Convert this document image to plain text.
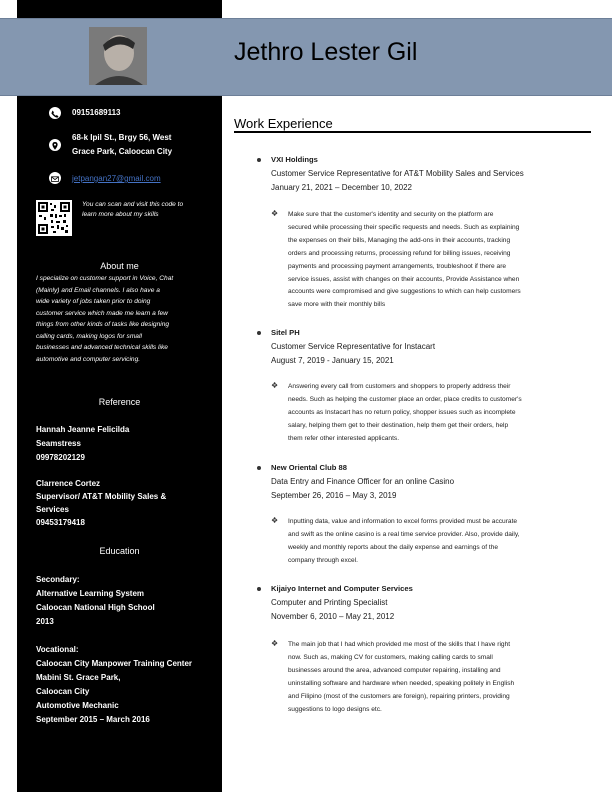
Jethro Lester Gil
09151689113
68-k Ipil St., Brgy 56, West
Grace Park, Caloocan City
jetpangan27@gmail.com
You can scan and visit this code to
learn more about my skills
About me
I specialize on customer support in Voice, Chat
(Mainly) and Email channels. I also have a
wide variety of jobs taken prior to doing
customer service which made me learn a few
things from other kinds of tasks like designing
calling cards, making logos for small
businesses and advanced technical skills like
automotive and computer servicing.
Reference
Hannah Jeanne Felicilda
Seamstress
09978202129
Clarrence Cortez
Supervisor/ AT&T Mobility Sales &
Services
09453179418
Education
Secondary:
Alternative Learning System
Caloocan National High School
2013
Vocational:
Caloocan City Manpower Training Center
Mabini St. Grace Park,
Caloocan City
Automotive Mechanic
September 2015 – March 2016
Work Experience
VXI Holdings
Customer Service Representative for AT&T Mobility Sales and Services
January 21, 2021 – December 10, 2022
❖ Make sure that the customer's identity and security on the platform are
secured while processing their specific requests and needs. Such as explaining
the expenses on their bills, Managing the add-ons in their accounts, tracking
orders and processing returns, processing refund for billing issues, receiving
payments and processing payment arrangements, troubleshoot if there are
service issues, assist with changes on their accounts, Provide Assistance when
accounts were compromised and give suggestions to which can help customers
save more with their monthly bills
Sitel PH
Customer Service Representative for Instacart
August 7, 2019 - January 15, 2021
❖ Answering every call from customers and shoppers to properly address their
needs. Such as helping the customer place an order, place credits to customer's
accounts as Instacart has no return policy, shopper issues such as incomplete
salary, helping them get to their destination, help them get their orders, help
them refer other interested applicants.
New Oriental Club 88
Data Entry and Finance Officer for an online Casino
September 26, 2016 – May 3, 2019
❖ Inputting data, value and information to excel forms provided must be accurate
and swift as the online casino is a real time service provider. Also, provide daily,
weekly and monthly reports about the daily expense and earnings of the
company through excel.
Kijaiyo Internet and Computer Services
Computer and Printing Specialist
November 6, 2010 – May 21, 2012
❖ The main job that I had which provided me most of the skills that I have right
now. Such as, making CV for customers, making calling cards to small
businesses around the area, advanced computer repairing, installing and
uninstalling software and hardware when needed, speaking politely in English
and Filipino (most of the customers are foreign), repairing printers, providing
suggestions to logo designs etc.
